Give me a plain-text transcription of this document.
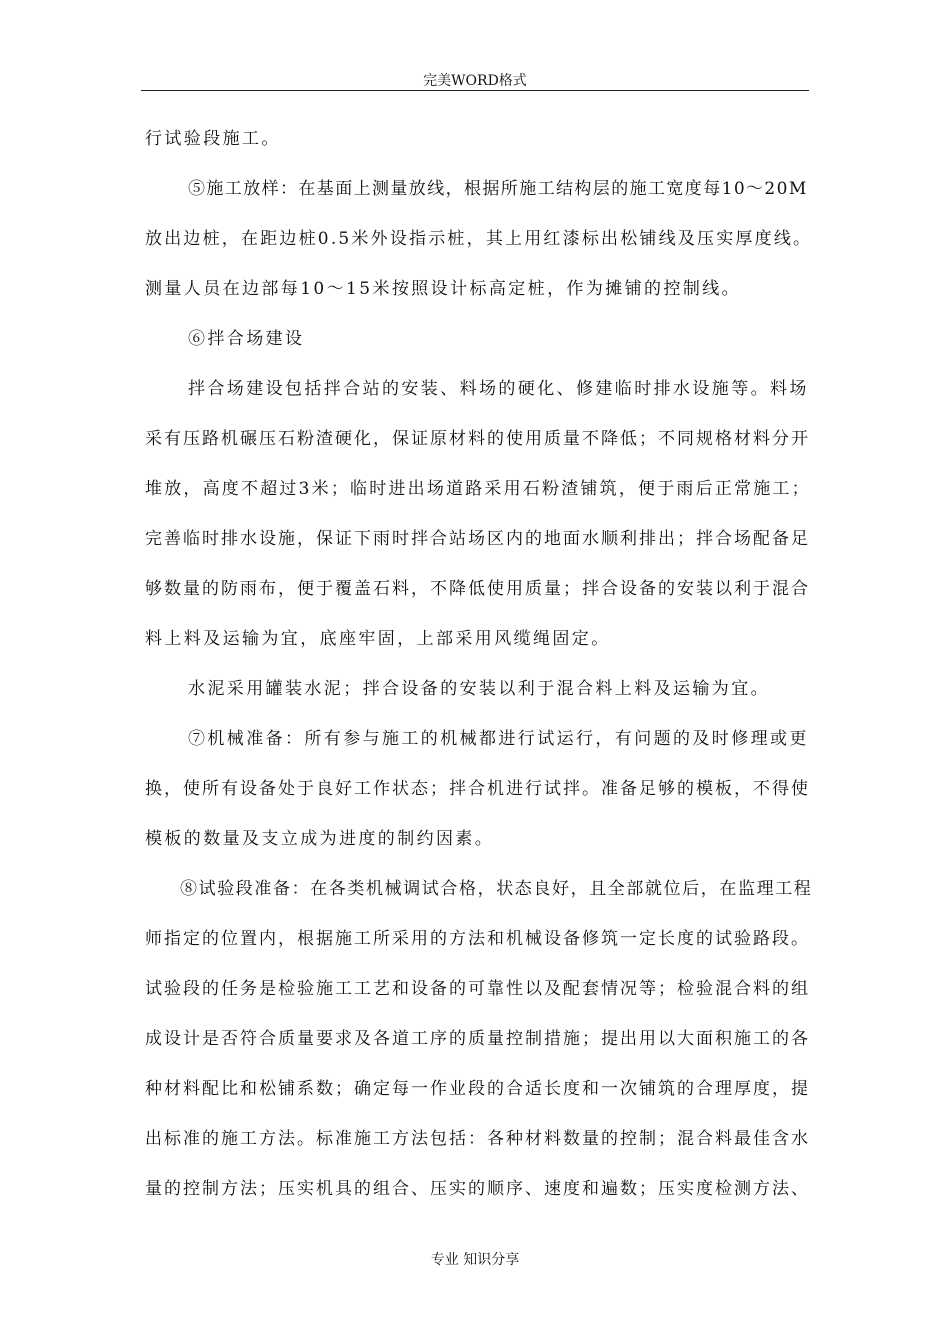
完美WORD格式
行试验段施工。
⑤施工放样：在基面上测量放线，根据所施工结构层的施工宽度每10～20M
放出边桩，在距边桩0.5米外设指示桩，其上用红漆标出松铺线及压实厚度线。
测量人员在边部每10～15米按照设计标高定桩，作为摊铺的控制线。
⑥拌合场建设
拌合场建设包括拌合站的安装、料场的硬化、修建临时排水设施等。料场
采有压路机碾压石粉渣硬化，保证原材料的使用质量不降低；不同规格材料分开
堆放，高度不超过3米；临时进出场道路采用石粉渣铺筑，便于雨后正常施工；
完善临时排水设施，保证下雨时拌合站场区内的地面水顺利排出；拌合场配备足
够数量的防雨布，便于覆盖石料，不降低使用质量；拌合设备的安装以利于混合
料上料及运输为宜，底座牢固，上部采用风缆绳固定。
水泥采用罐装水泥；拌合设备的安装以利于混合料上料及运输为宜。
⑦机械准备：所有参与施工的机械都进行试运行，有问题的及时修理或更
换，使所有设备处于良好工作状态；拌合机进行试拌。准备足够的模板，不得使
模板的数量及支立成为进度的制约因素。
⑧试验段准备：在各类机械调试合格，状态良好，且全部就位后，在监理工程
师指定的位置内，根据施工所采用的方法和机械设备修筑一定长度的试验路段。
试验段的任务是检验施工工艺和设备的可靠性以及配套情况等；检验混合料的组
成设计是否符合质量要求及各道工序的质量控制措施；提出用以大面积施工的各
种材料配比和松铺系数；确定每一作业段的合适长度和一次铺筑的合理厚度，提
出标准的施工方法。标准施工方法包括：各种材料数量的控制；混合料最佳含水
量的控制方法；压实机具的组合、压实的顺序、速度和遍数；压实度检测方法、
专业 知识分享
